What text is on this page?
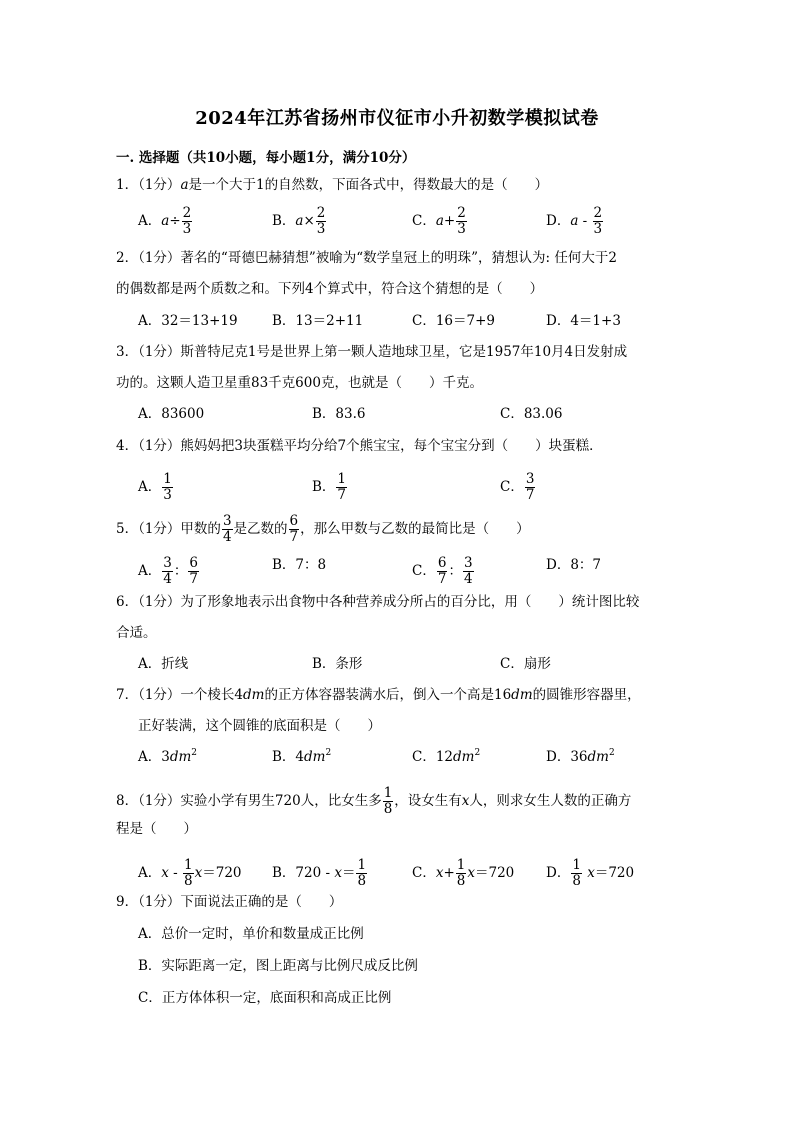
2024年江苏省扬州市仪征市小升初数学模拟试卷
一. 选择题（共10小题，每小题1分，满分10分）
1．（1分）a是一个大于1的自然数，下面各式中，得数最大的是（　　）
A．$a\div \frac{2}{3}$	B．$a\times \frac{2}{3}$	C．$a+ \frac{2}{3}$	D．a - $\frac{2}{3}$
2．（1分）著名的“哥德巴赫猜想”被喻为“数学皇冠上的明珠”，猜想认为: 任何大于2
的偶数都是两个质数之和。下列4个算式中，符合这个猜想的是（　　）
A．32＝13+19	B．13＝2+11	C．16＝7+9	D．4＝1+3
3．（1分）斯普特尼克1号是世界上第一颗人造地球卫星，它是1957年10月4日发射成
功的。这颗人造卫星重83千克600克，也就是（　　）千克。
A．83600	B．83.6	C．83.06
4．（1分）熊妈妈把3块蛋糕平均分给7个熊宝宝，每个宝宝分到（　　）块蛋糕．
A． $\frac{1}{3}$	B． $\frac{1}{7}$	C． $\frac{3}{7}$
5．（1分）甲数的 $\frac{3}{4}$ 是乙数的 $\frac{6}{7}$ ，那么甲数与乙数的最简比是（　　）
A． $\frac{3}{4}$ ： $\frac{6}{7}$	B．7：8	C． $\frac{6}{7}$ ： $\frac{3}{4}$	D．8：7
6．（1分）为了形象地表示出食物中各种营养成分所占的百分比，用（　　）统计图比较
合适。
A．折线	B．条形	C．扇形
7．（1分）一个棱长4dm的正方体容器装满水后，倒入一个高是16dm的圆锥形容器里，
正好装满，这个圆锥的底面积是（　　）
A．$3dm^2$	B．$4dm^2$	C．$12dm^2$	D．$36dm^2$
8．（1分）实验小学有男生720人，比女生多 $\frac{1}{8}$ ，设女生有x人，则求女生人数的正确方
程是（　　）
A．$x - \frac{1}{8} x=720$ B．$720 - x= \frac{1}{8}$	C．$x+ \frac{1}{8} x=720$ D． $\frac{1}{8} x=720$
9．（1分）下面说法正确的是（　　）
A．总价一定时，单价和数量成正比例
B．实际距离一定，图上距离与比例尺成反比例
C．正方体体积一定，底面积和高成正比例
